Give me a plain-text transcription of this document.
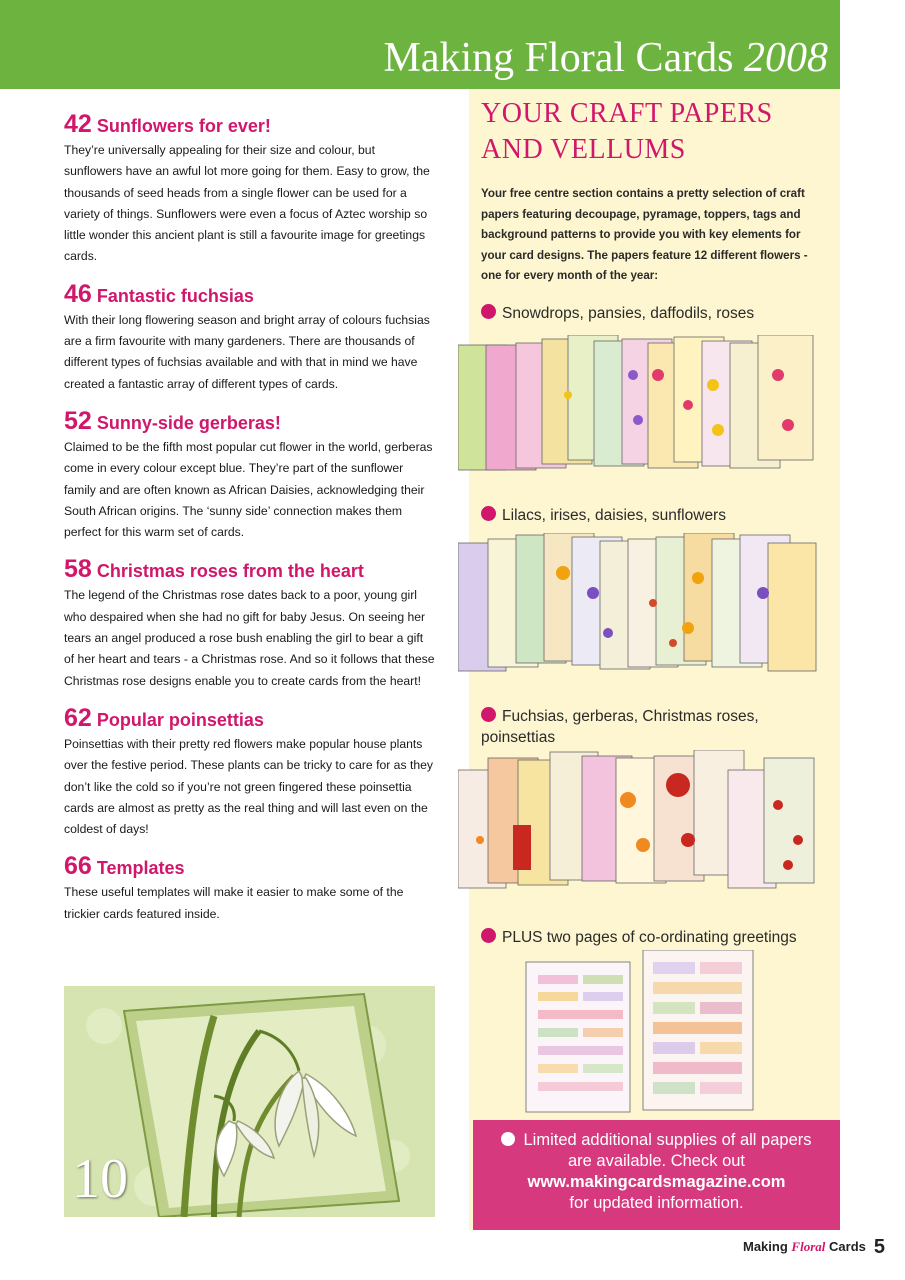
Making Floral Cards 2008
42 Sunflowers for ever!

They’re universally appealing for their size and colour, but sunflowers have an awful lot more going for them. Easy to grow, the thousands of seed heads from a single flower can be used for a variety of things. Sunflowers were even a focus of Aztec worship so little wonder this ancient plant is still a favourite image for greetings cards.

46 Fantastic fuchsias

With their long flowering season and bright array of colours fuchsias are a firm favourite with many gardeners. There are thousands of different types of fuchsias available and with that in mind we have created a fantastic array of different types of cards.

52 Sunny-side gerberas!

Claimed to be the fifth most popular cut flower in the world, gerberas come in every colour except blue. They’re part of the sunflower family and are often known as African Daisies, acknowledging their South African origins. The ‘sunny side’ connection makes them perfect for this warm set of cards.

58 Christmas roses from the heart

The legend of the Christmas rose dates back to a poor, young girl who despaired when she had no gift for baby Jesus. On seeing her tears an angel produced a rose bush enabling the girl to bear a gift of her heart and tears - a Christmas rose. And so it follows that these Christmas rose designs enable you to create cards from the heart!

62 Popular poinsettias

Poinsettias with their pretty red flowers make popular house plants over the festive period. These plants can be tricky to care for as they don’t like the cold so if you’re not green fingered these poinsettia cards are almost as pretty as the real thing and will last even on the coldest of days!

66 Templates

These useful templates will make it easier to make some of the trickier cards featured inside.

10
YOUR CRAFT PAPERS
AND VELLUMS
Your free centre section contains a pretty selection of craft papers featuring decoupage, pyramage, toppers, tags and background patterns to provide you with key elements for your card designs. The papers feature 12 different flowers - one for every month of the year:
Snowdrops, pansies, daffodils, roses
Lilacs, irises, daisies, sunflowers
Fuchsias, gerberas, Christmas roses, poinsettias
PLUS two pages of co-ordinating greetings
Limited additional supplies of all papers
are available. Check out
www.makingcardsmagazine.com
for updated information.
Making Floral Cards 5
